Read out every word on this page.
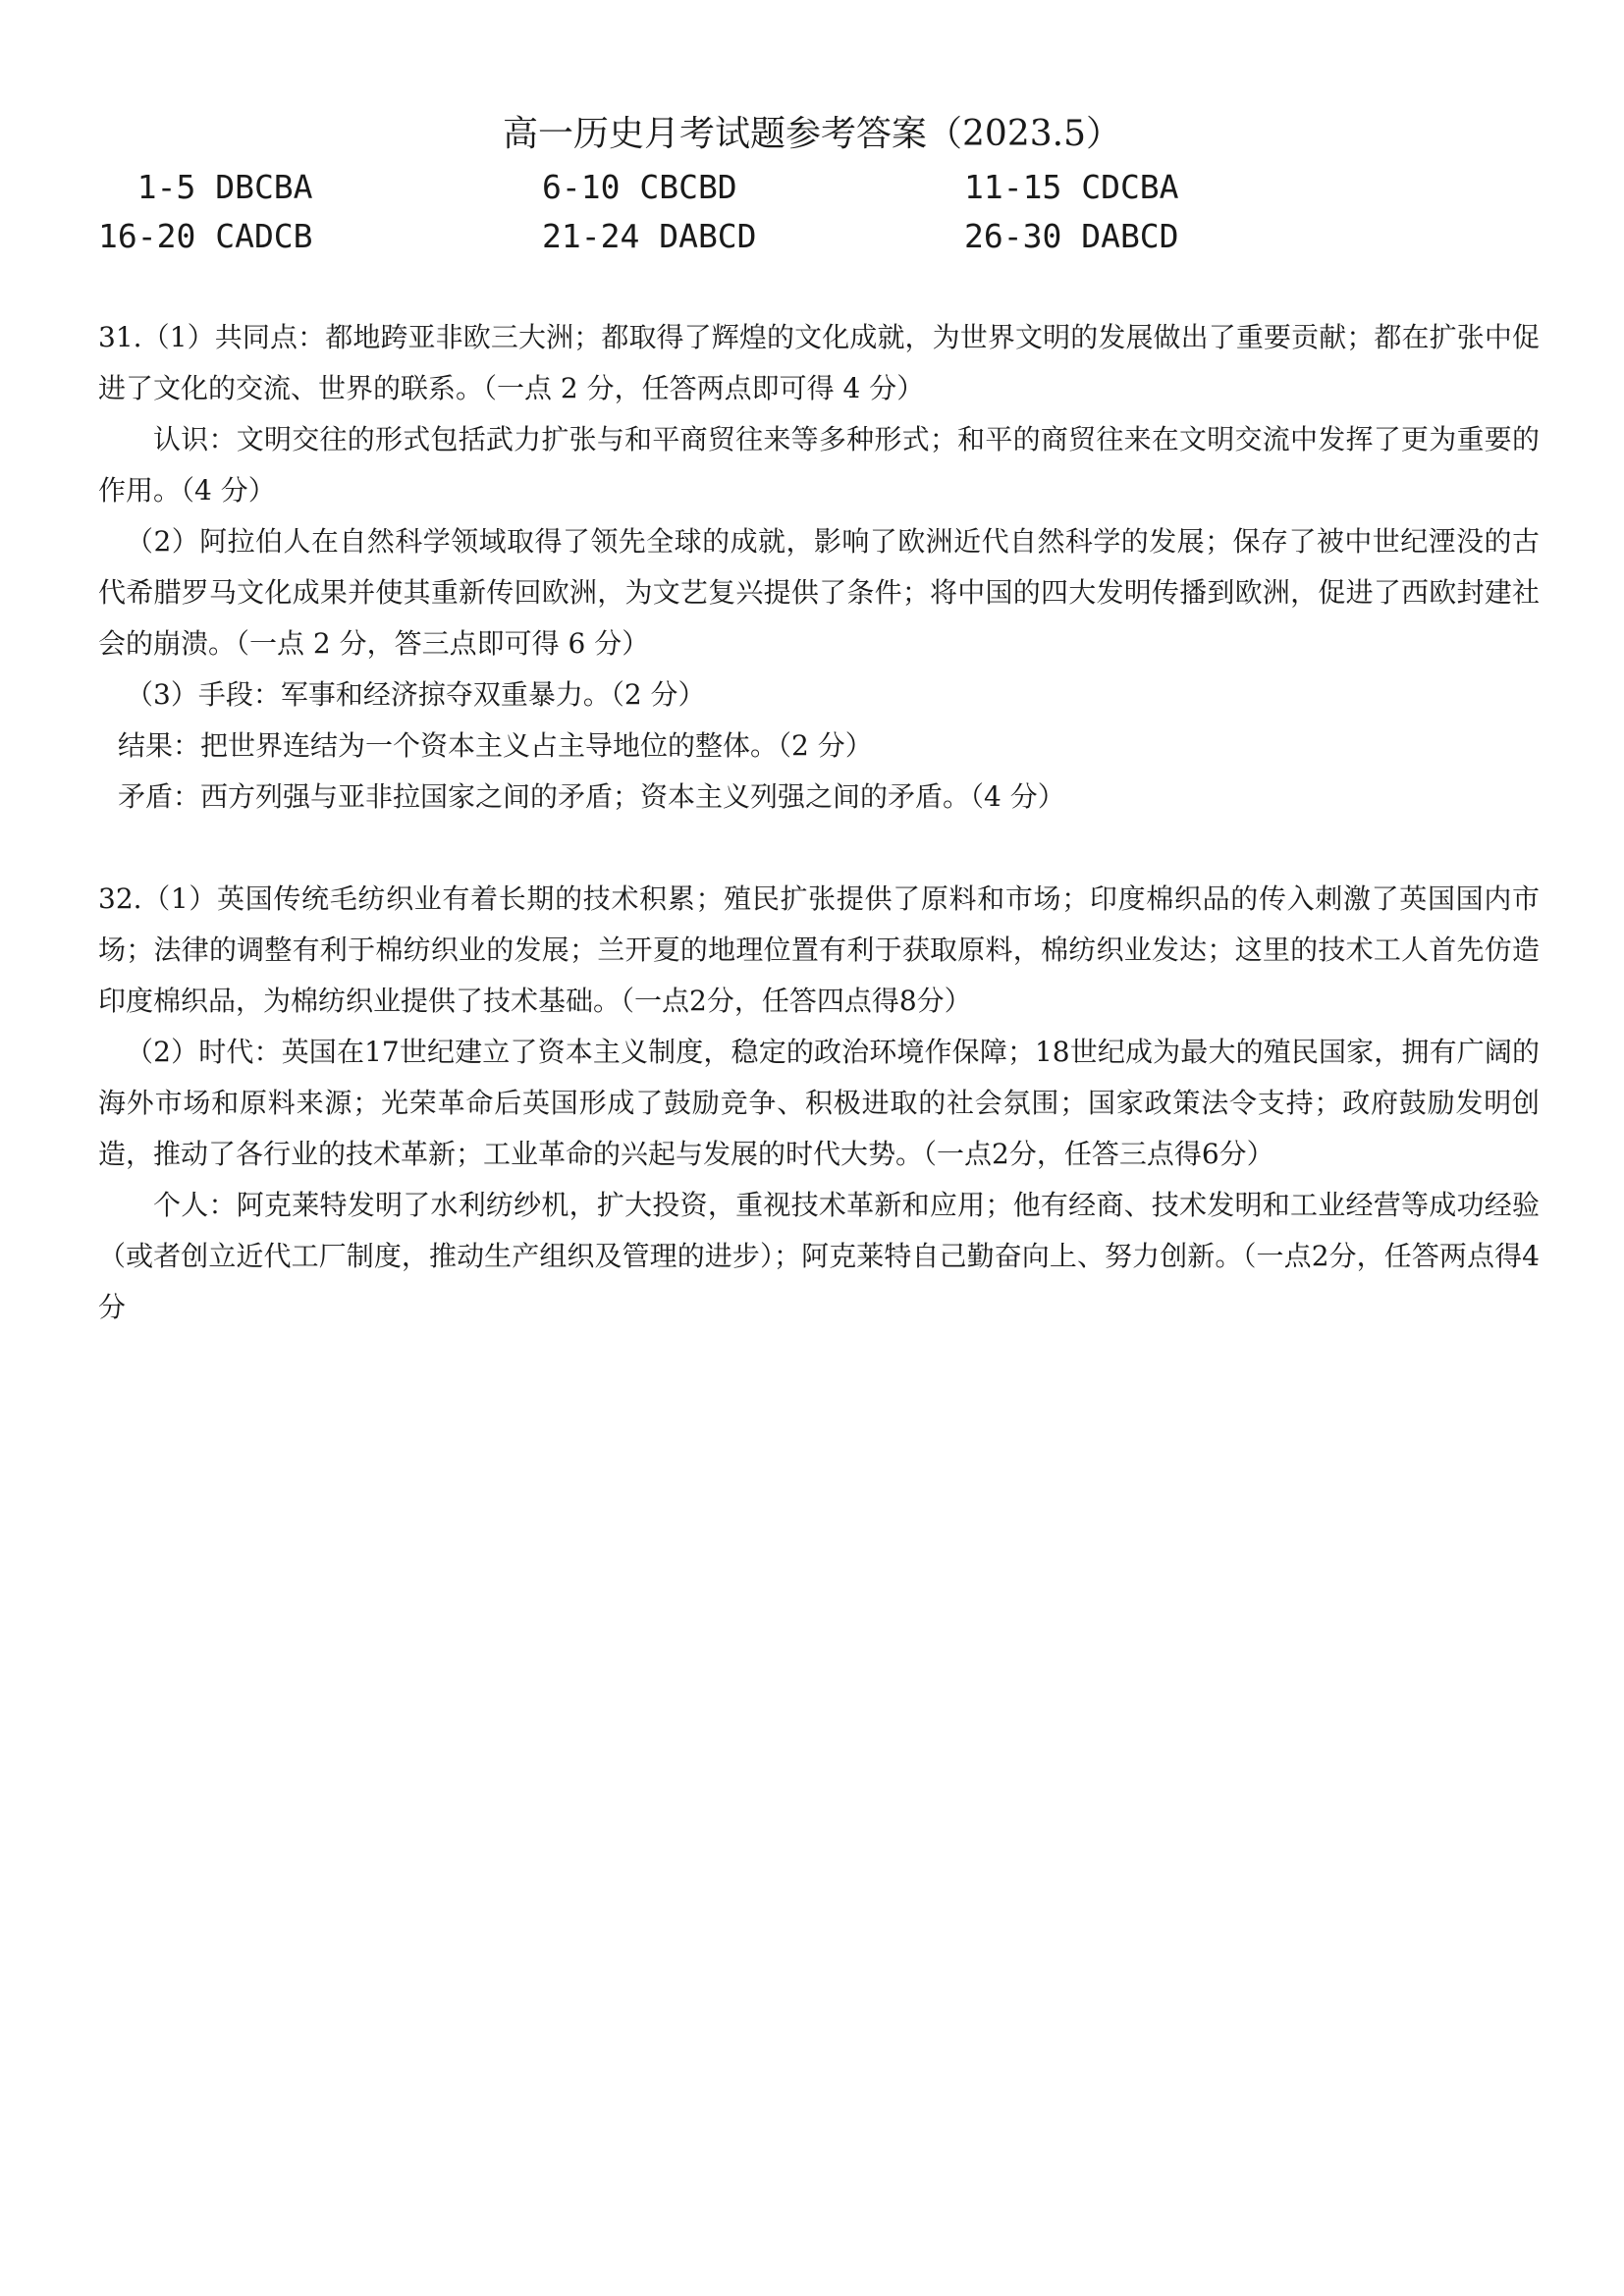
高一历史月考试题参考答案（2023.5）
1-5 DBCBA	6-10 CBCBD	11-15 CDCBA
16-20 CADCB	21-24 DABCD	26-30 DABCD

31.（1）共同点：都地跨亚非欧三大洲；都取得了辉煌的文化成就，为世界文明的发展做出了重要贡献；都在扩张中促进了文化的交流、世界的联系。（一点 2 分，任答两点即可得 4 分）

认识：文明交往的形式包括武力扩张与和平商贸往来等多种形式；和平的商贸往来在文明交流中发挥了更为重要的作用。（4 分）

（2）阿拉伯人在自然科学领域取得了领先全球的成就，影响了欧洲近代自然科学的发展；保存了被中世纪湮没的古代希腊罗马文化成果并使其重新传回欧洲，为文艺复兴提供了条件；将中国的四大发明传播到欧洲，促进了西欧封建社会的崩溃。（一点 2 分，答三点即可得 6 分）

（3）手段：军事和经济掠夺双重暴力。（2 分）

结果：把世界连结为一个资本主义占主导地位的整体。（2 分）

矛盾：西方列强与亚非拉国家之间的矛盾；资本主义列强之间的矛盾。（4 分）

32.（1）英国传统毛纺织业有着长期的技术积累；殖民扩张提供了原料和市场；印度棉织品的传入刺激了英国国内市场；法律的调整有利于棉纺织业的发展；兰开夏的地理位置有利于获取原料，棉纺织业发达；这里的技术工人首先仿造印度棉织品，为棉纺织业提供了技术基础。（一点2分，任答四点得8分）

（2）时代：英国在17世纪建立了资本主义制度，稳定的政治环境作保障；18世纪成为最大的殖民国家，拥有广阔的海外市场和原料来源；光荣革命后英国形成了鼓励竞争、积极进取的社会氛围；国家政策法令支持；政府鼓励发明创造，推动了各行业的技术革新；工业革命的兴起与发展的时代大势。（一点2分，任答三点得6分）

个人：阿克莱特发明了水利纺纱机，扩大投资，重视技术革新和应用；他有经商、技术发明和工业经营等成功经验（或者创立近代工厂制度，推动生产组织及管理的进步）；阿克莱特自己勤奋向上、努力创新。（一点2分，任答两点得4分
